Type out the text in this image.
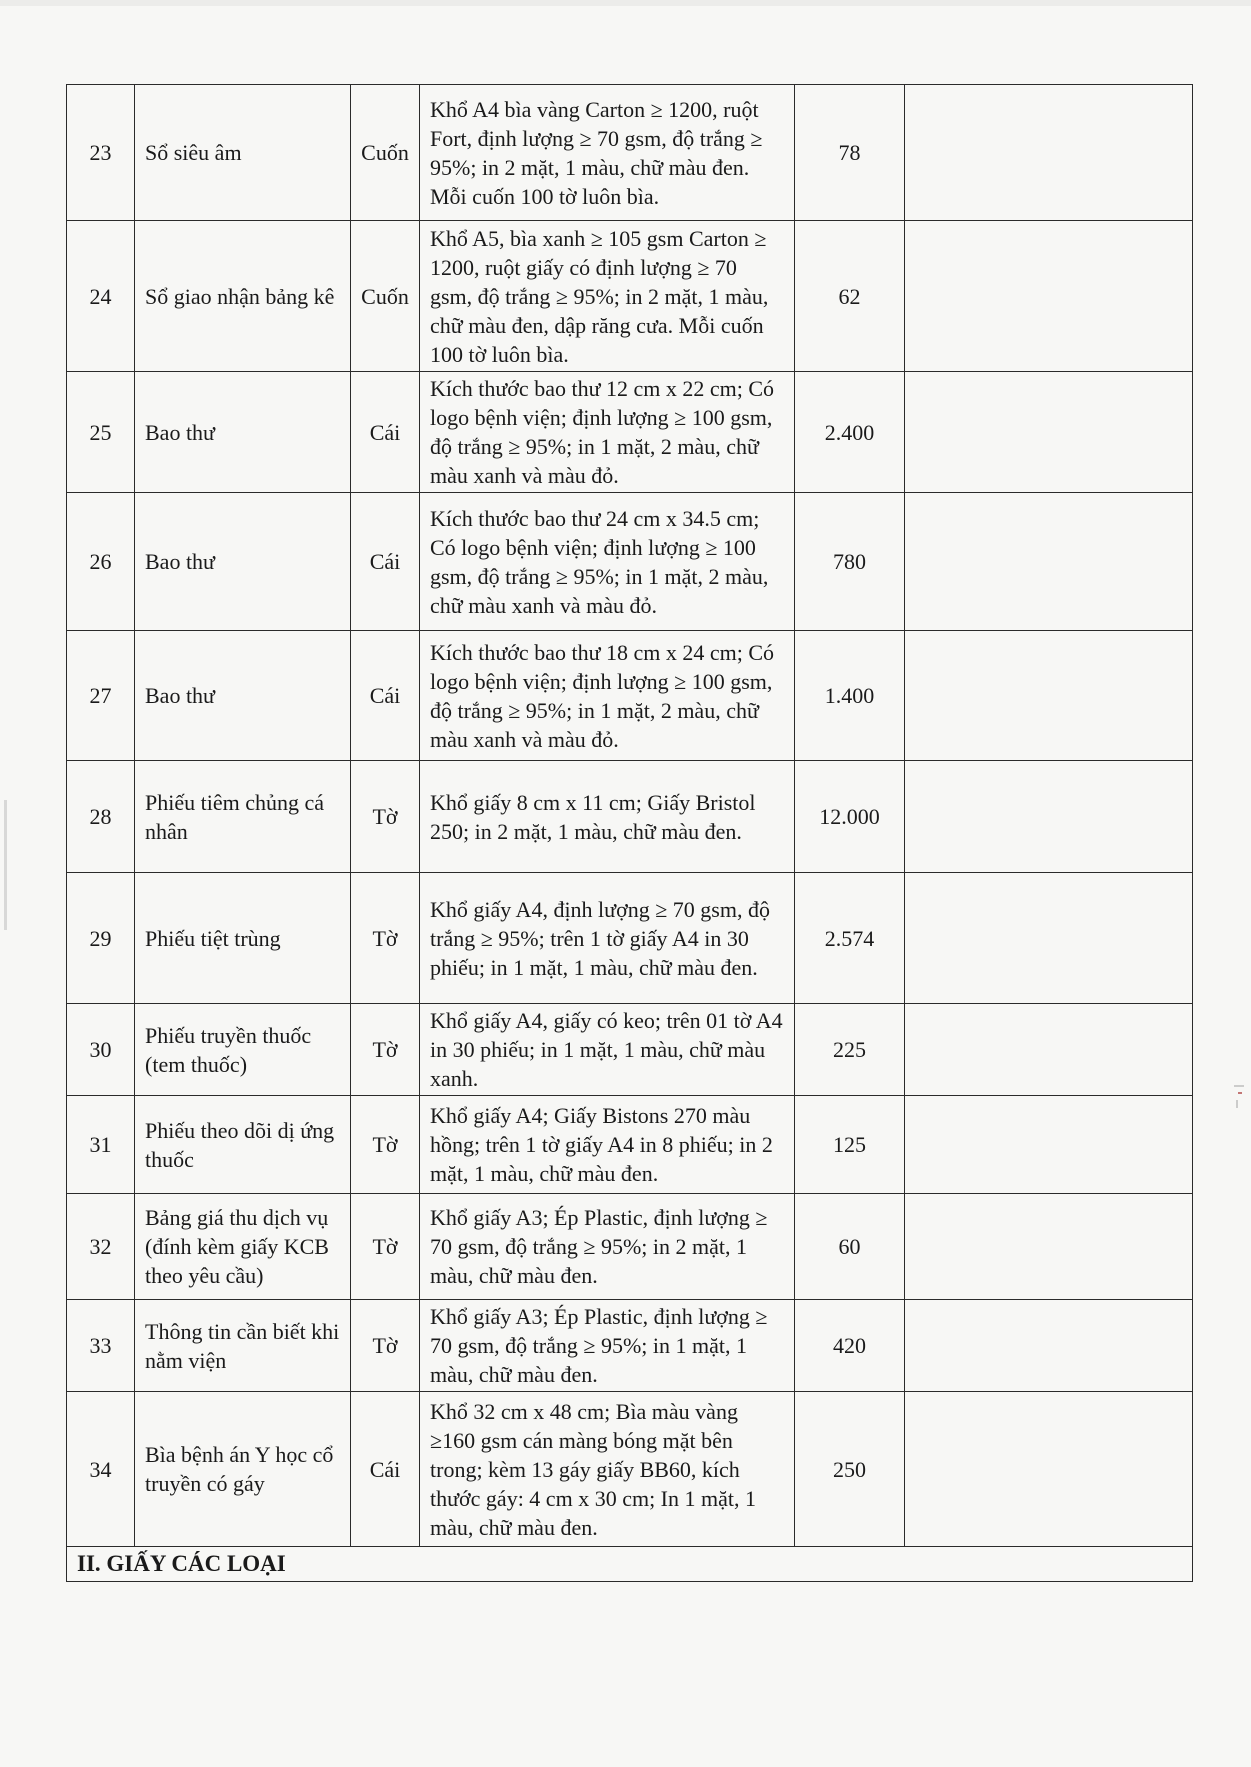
23	Sổ siêu âm	Cuốn	Khổ A4 bìa vàng Carton ≥ 1200, ruột Fort, định lượng ≥ 70 gsm, độ trắng ≥ 95%; in 2 mặt, 1 màu, chữ màu đen. Mỗi cuốn 100 tờ luôn bìa.	78	
24	Sổ giao nhận bảng kê	Cuốn	Khổ A5, bìa xanh ≥ 105 gsm Carton ≥ 1200, ruột giấy có định lượng ≥ 70 gsm, độ trắng ≥ 95%; in 2 mặt, 1 màu, chữ màu đen, dập răng cưa. Mỗi cuốn 100 tờ luôn bìa.	62	
25	Bao thư	Cái	Kích thước bao thư 12 cm x 22 cm; Có logo bệnh viện; định lượng ≥ 100 gsm, độ trắng ≥ 95%; in 1 mặt, 2 màu, chữ màu xanh và màu đỏ.	2.400	
26	Bao thư	Cái	Kích thước bao thư 24 cm x 34.5 cm; Có logo bệnh viện; định lượng ≥ 100 gsm, độ trắng ≥ 95%; in 1 mặt, 2 màu, chữ màu xanh và màu đỏ.	780	
27	Bao thư	Cái	Kích thước bao thư 18 cm x 24 cm; Có logo bệnh viện; định lượng ≥ 100 gsm, độ trắng ≥ 95%; in 1 mặt, 2 màu, chữ màu xanh và màu đỏ.	1.400	
28	Phiếu tiêm chủng cá nhân	Tờ	Khổ giấy 8 cm x 11 cm; Giấy Bristol 250; in 2 mặt, 1 màu, chữ màu đen.	12.000	
29	Phiếu tiệt trùng	Tờ	Khổ giấy A4, định lượng ≥ 70 gsm, độ trắng ≥ 95%; trên 1 tờ giấy A4 in 30 phiếu; in 1 mặt, 1 màu, chữ màu đen.	2.574	
30	Phiếu truyền thuốc (tem thuốc)	Tờ	Khổ giấy A4, giấy có keo; trên 01 tờ A4 in 30 phiếu; in 1 mặt, 1 màu, chữ màu xanh.	225	
31	Phiếu theo dõi dị ứng thuốc	Tờ	Khổ giấy A4; Giấy Bistons 270 màu hồng; trên 1 tờ giấy A4 in 8 phiếu; in 2 mặt, 1 màu, chữ màu đen.	125	
32	Bảng giá thu dịch vụ (đính kèm giấy KCB theo yêu cầu)	Tờ	Khổ giấy A3; Ép Plastic, định lượng ≥ 70 gsm, độ trắng ≥ 95%; in 2 mặt, 1 màu, chữ màu đen.	60	
33	Thông tin cần biết khi nằm viện	Tờ	Khổ giấy A3; Ép Plastic, định lượng ≥ 70 gsm, độ trắng ≥ 95%; in 1 mặt, 1 màu, chữ màu đen.	420	
34	Bìa bệnh án Y học cổ truyền có gáy	Cái	Khổ 32 cm x 48 cm; Bìa màu vàng ≥160 gsm cán màng bóng mặt bên trong; kèm 13 gáy giấy BB60, kích thước gáy: 4 cm x 30 cm; In 1 mặt, 1 màu, chữ màu đen.	250	
II. GIẤY CÁC LOẠI					
